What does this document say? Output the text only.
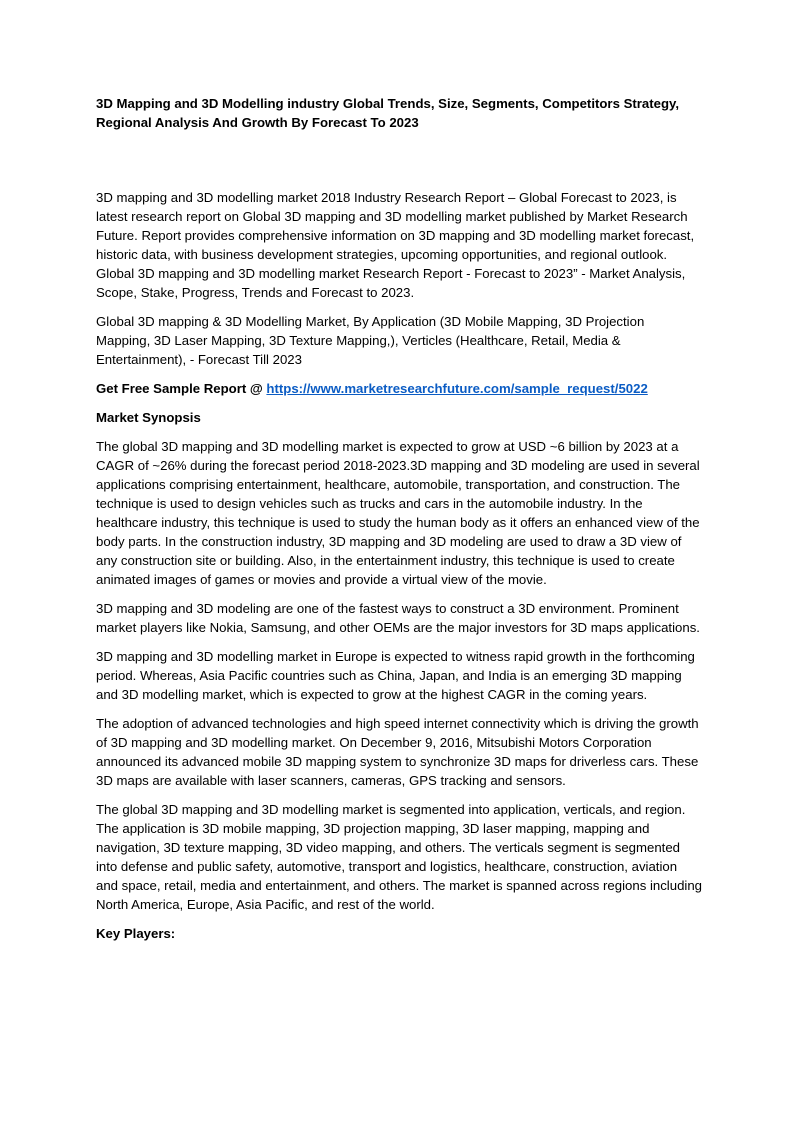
3D Mapping and 3D Modelling industry Global Trends, Size, Segments, Competitors Strategy, Regional Analysis And Growth By Forecast To 2023

3D mapping and 3D modelling market 2018 Industry Research Report – Global Forecast to 2023, is latest research report on Global 3D mapping and 3D modelling market published by Market Research Future. Report provides comprehensive information on 3D mapping and 3D modelling market forecast, historic data, with business development strategies, upcoming opportunities, and regional outlook. Global 3D mapping and 3D modelling market Research Report - Forecast to 2023” - Market Analysis, Scope, Stake, Progress, Trends and Forecast to 2023.

Global 3D mapping & 3D Modelling Market, By Application (3D Mobile Mapping, 3D Projection Mapping, 3D Laser Mapping, 3D Texture Mapping,), Verticles (Healthcare, Retail, Media & Entertainment), - Forecast Till 2023

Get Free Sample Report @ https://www.marketresearchfuture.com/sample_request/5022

Market Synopsis

The global 3D mapping and 3D modelling market is expected to grow at USD ~6 billion by 2023 at a CAGR of ~26% during the forecast period 2018-2023.3D mapping and 3D modeling are used in several applications comprising entertainment, healthcare, automobile, transportation, and construction. The technique is used to design vehicles such as trucks and cars in the automobile industry. In the healthcare industry, this technique is used to study the human body as it offers an enhanced view of the body parts. In the construction industry, 3D mapping and 3D modeling are used to draw a 3D view of any construction site or building. Also, in the entertainment industry, this technique is used to create animated images of games or movies and provide a virtual view of the movie.

3D mapping and 3D modeling are one of the fastest ways to construct a 3D environment. Prominent market players like Nokia, Samsung, and other OEMs are the major investors for 3D maps applications.

3D mapping and 3D modelling market in Europe is expected to witness rapid growth in the forthcoming period. Whereas, Asia Pacific countries such as China, Japan, and India is an emerging 3D mapping and 3D modelling market, which is expected to grow at the highest CAGR in the coming years.

The adoption of advanced technologies and high speed internet connectivity which is driving the growth of 3D mapping and 3D modelling market. On December 9, 2016, Mitsubishi Motors Corporation announced its advanced mobile 3D mapping system to synchronize 3D maps for driverless cars. These 3D maps are available with laser scanners, cameras, GPS tracking and sensors.

The global 3D mapping and 3D modelling market is segmented into application, verticals, and region. The application is 3D mobile mapping, 3D projection mapping, 3D laser mapping, mapping and navigation, 3D texture mapping, 3D video mapping, and others. The verticals segment is segmented into defense and public safety, automotive, transport and logistics, healthcare, construction, aviation and space, retail, media and entertainment, and others. The market is spanned across regions including North America, Europe, Asia Pacific, and rest of the world.

Key Players:
